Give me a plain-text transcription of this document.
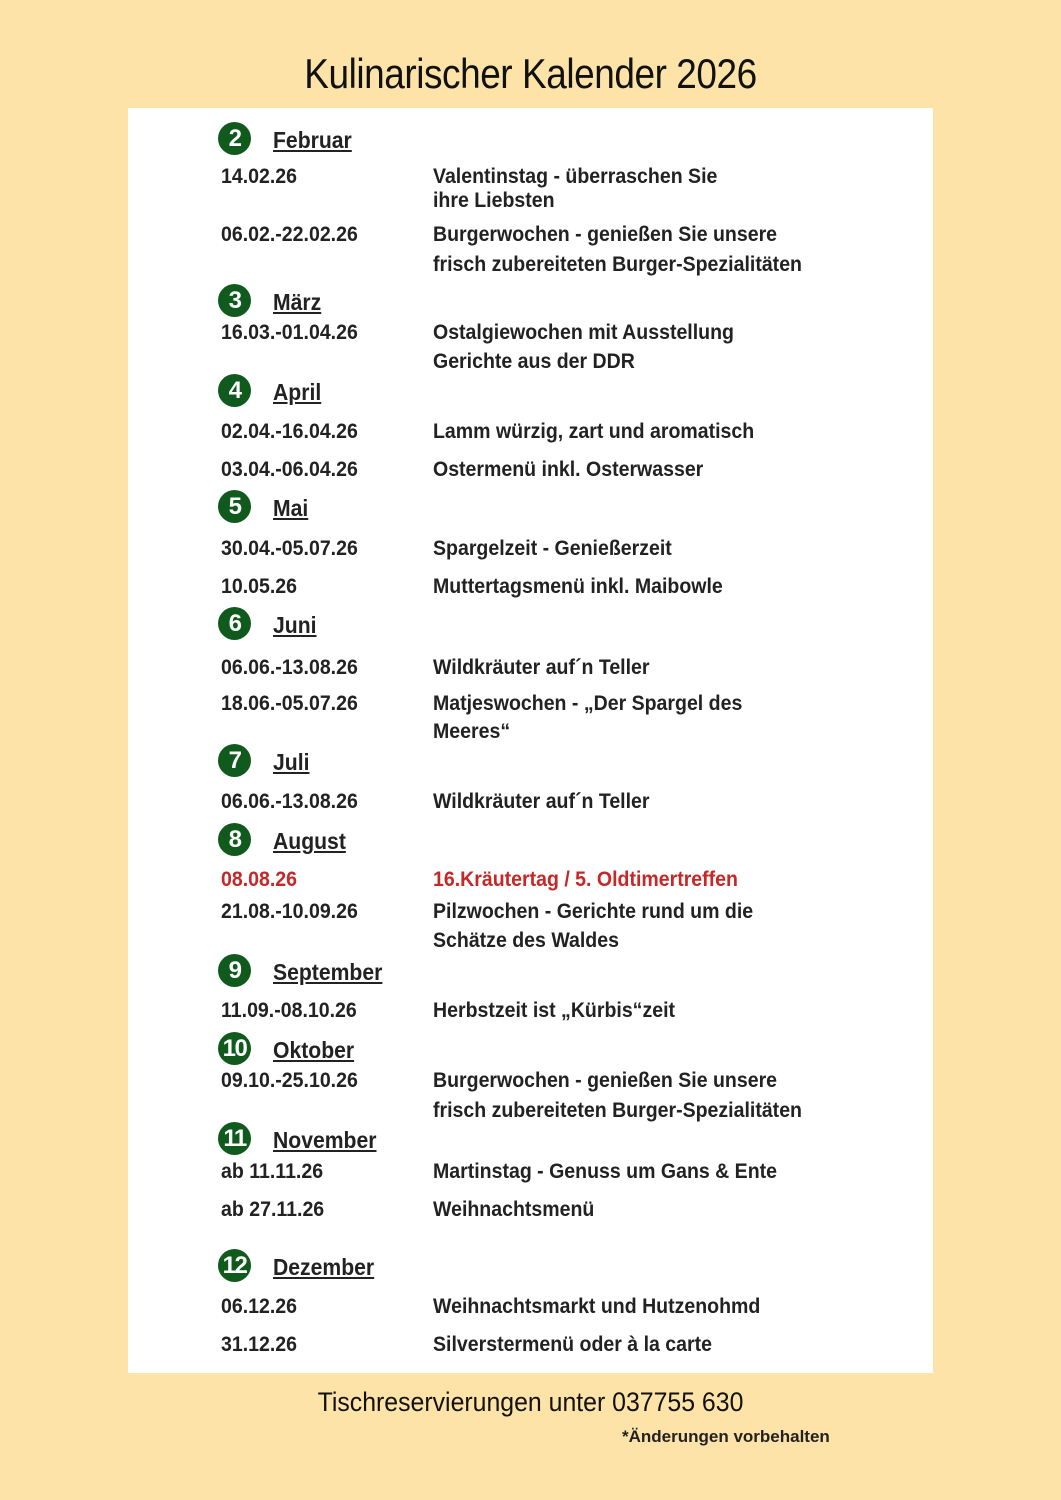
Kulinarischer Kalender 2026
2	Februar
14.02.26	Valentinstag - überraschen Sie
ihre Liebsten
06.02.-22.02.26	Burgerwochen - genießen Sie unsere
frisch zubereiteten Burger-Spezialitäten
3	März
16.03.-01.04.26	Ostalgiewochen mit Ausstellung
Gerichte aus der DDR
4	April
02.04.-16.04.26	Lamm würzig, zart und aromatisch
03.04.-06.04.26	Ostermenü inkl. Osterwasser
5	Mai
30.04.-05.07.26	Spargelzeit - Genießerzeit
10.05.26	Muttertagsmenü inkl. Maibowle
6	Juni
06.06.-13.08.26	Wildkräuter auf´n Teller
18.06.-05.07.26	Matjeswochen - „Der Spargel des
Meeres“
7	Juli
06.06.-13.08.26	Wildkräuter auf´n Teller
8	August
08.08.26	16.Kräutertag / 5. Oldtimertreffen
21.08.-10.09.26	Pilzwochen - Gerichte rund um die
Schätze des Waldes
9	September
11.09.-08.10.26	Herbstzeit ist „Kürbis“zeit
10 Oktober
09.10.-25.10.26	Burgerwochen - genießen Sie unsere
frisch zubereiteten Burger-Spezialitäten
11 November
ab 11.11.26	Martinstag - Genuss um Gans & Ente
ab 27.11.26	Weihnachtsmenü
12 Dezember
06.12.26	Weihnachtsmarkt und Hutzenohmd
31.12.26	Silverstermenü oder à la carte
Tischreservierungen unter 037755 630
*Änderungen vorbehalten
